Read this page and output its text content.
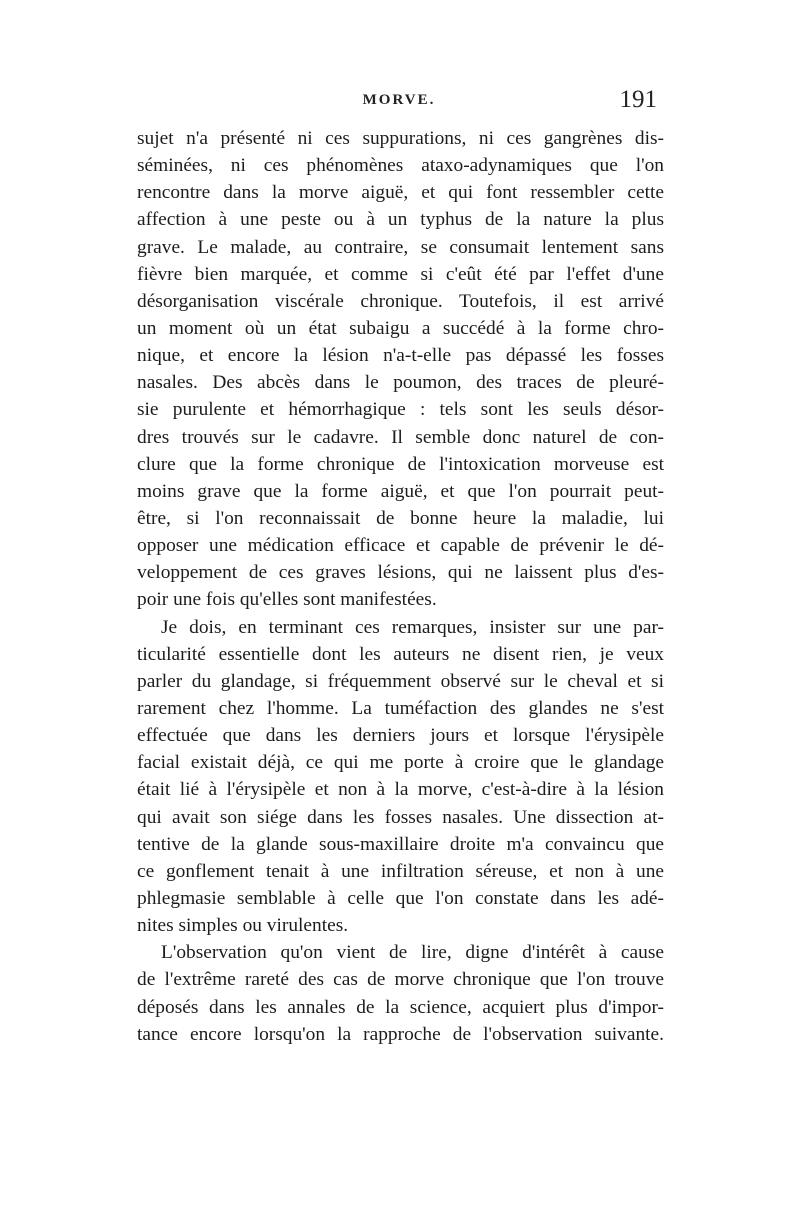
MORVE.	191
sujet n'a présenté ni ces suppurations, ni ces gangrènes dis-
séminées, ni ces phénomènes ataxo-adynamiques que l'on
rencontre dans la morve aiguë, et qui font ressembler cette
affection à une peste ou à un typhus de la nature la plus
grave. Le malade, au contraire, se consumait lentement sans
fièvre bien marquée, et comme si c'eût été par l'effet d'une
désorganisation viscérale chronique. Toutefois, il est arrivé
un moment où un état subaigu a succédé à la forme chro-
nique, et encore la lésion n'a-t-elle pas dépassé les fosses
nasales. Des abcès dans le poumon, des traces de pleuré-
sie purulente et hémorrhagique : tels sont les seuls désor-
dres trouvés sur le cadavre. Il semble donc naturel de con-
clure que la forme chronique de l'intoxication morveuse est
moins grave que la forme aiguë, et que l'on pourrait peut-
être, si l'on reconnaissait de bonne heure la maladie, lui
opposer une médication efficace et capable de prévenir le dé-
veloppement de ces graves lésions, qui ne laissent plus d'es-
poir une fois qu'elles sont manifestées.
Je dois, en terminant ces remarques, insister sur une par-
ticularité essentielle dont les auteurs ne disent rien, je veux
parler du glandage, si fréquemment observé sur le cheval et si
rarement chez l'homme. La tuméfaction des glandes ne s'est
effectuée que dans les derniers jours et lorsque l'érysipèle
facial existait déjà, ce qui me porte à croire que le glandage
était lié à l'érysipèle et non à la morve, c'est-à-dire à la lésion
qui avait son siége dans les fosses nasales. Une dissection at-
tentive de la glande sous-maxillaire droite m'a convaincu que
ce gonflement tenait à une infiltration séreuse, et non à une
phlegmasie semblable à celle que l'on constate dans les adé-
nites simples ou virulentes.
L'observation qu'on vient de lire, digne d'intérêt à cause
de l'extrême rareté des cas de morve chronique que l'on trouve
déposés dans les annales de la science, acquiert plus d'impor-
tance encore lorsqu'on la rapproche de l'observation suivante.
